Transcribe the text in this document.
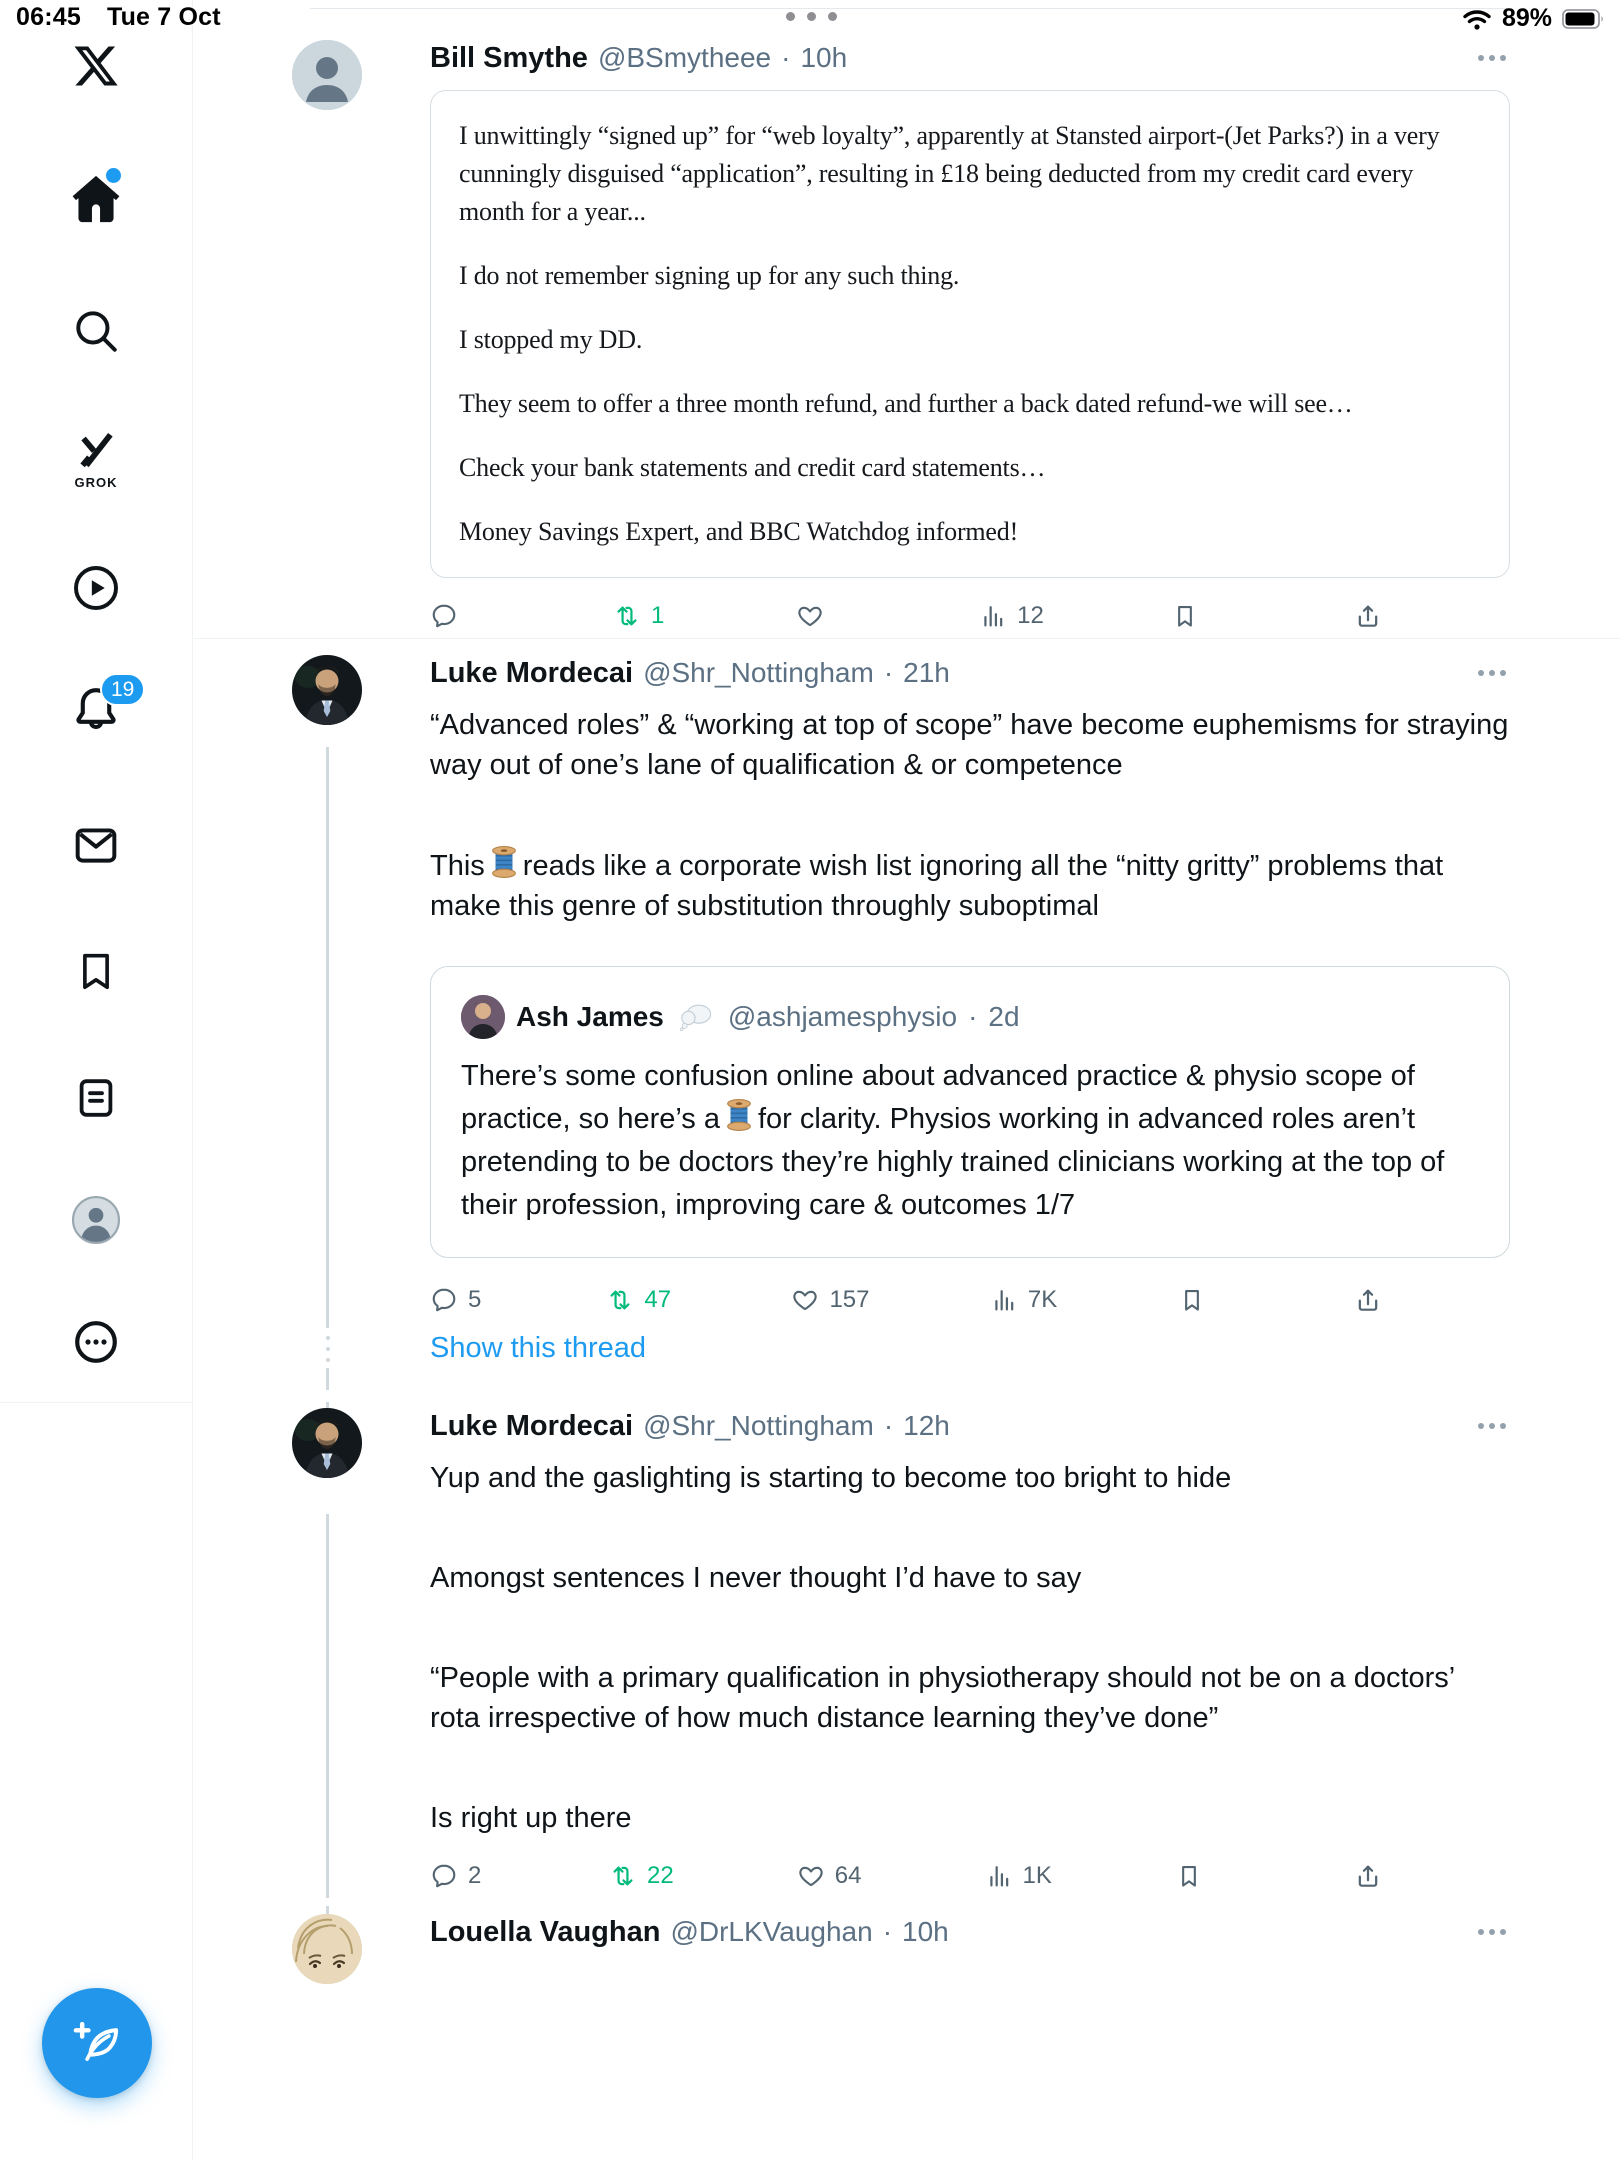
06:45 Tue 7 Oct	89%
GROK
19
Bill Smythe @BSmytheee · 10h

I unwittingly “signed up” for “web loyalty”, apparently at Stansted airport-(Jet Parks?) in a very cunningly disguised “application”, resulting in £18 being deducted from my credit card every month for a year...

I do not remember signing up for any such thing.

I stopped my DD.

They seem to offer a three month refund, and further a back dated refund-we will see…

Check your bank statements and credit card statements…

Money Savings Expert, and BBC Watchdog informed!

1	12
Luke Mordecai @Shr_Nottingham · 21h

“Advanced roles” & “working at top of scope” have become euphemisms for straying way out of one’s lane of qualification & or competence

This reads like a corporate wish list ignoring all the “nitty gritty” problems that make this genre of substitution throughly suboptimal

Ash James @ashjamesphysio · 2d
There’s some confusion online about advanced practice & physio scope of practice, so here’s a for clarity. Physios working in advanced roles aren’t pretending to be doctors they’re highly trained clinicians working at the top of their profession, improving care & outcomes 1/7
5	47	157	7K
Show this thread
Luke Mordecai @Shr_Nottingham · 12h

Yup and the gaslighting is starting to become too bright to hide

Amongst sentences I never thought I’d have to say

“People with a primary qualification in physiotherapy should not be on a doctors’ rota irrespective of how much distance learning they’ve done”

Is right up there

2	22	64	1K
Louella Vaughan @DrLKVaughan · 10h
